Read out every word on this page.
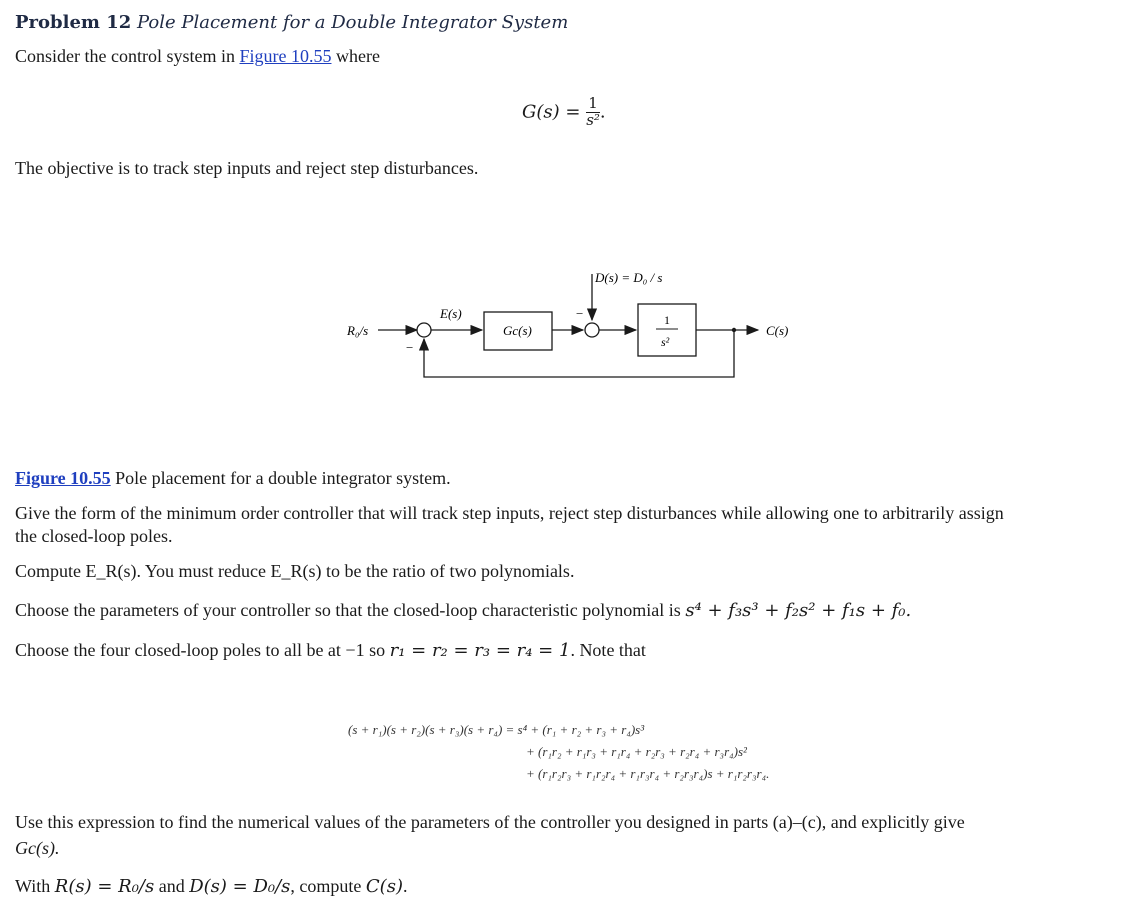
Problem 12 Pole Placement for a Double Integrator System
Consider the control system in Figure 10.55 where
$G(s) = \frac{1}{\text{s²}}$ .
The objective is to track step inputs and reject step disturbances.
D(s) = D₀ / s
R₀/s
−
E(s)
Gc(s)
−	1
s²
C(s)
Figure 10.55 Pole placement for a double integrator system.
Give the form of the minimum order controller that will track step inputs, reject step disturbances while allowing one to arbitrarily assign
the closed-loop poles.
Compute E_R(s). You must reduce E_R(s) to be the ratio of two polynomials.
Choose the parameters of your controller so that the closed-loop characteristic polynomial is s⁴ + f₃s³ + f₂s² + f₁s + f₀.
Choose the four closed-loop poles to all be at −1 so r₁ = r₂ = r₃ = r₄ = 1. Note that
(s + r₁)(s + r₂)(s + r₃)(s + r₄) = s⁴ + (r₁ + r₂ + r₃ + r₄)s³
+ (r₁r₂ + r₁r₃ + r₁r₄ + r₂r₃ + r₂r₄ + r₃r₄)s²
+ (r₁r₂r₃ + r₁r₂r₄ + r₁r₃r₄ + r₂r₃r₄)s + r₁r₂r₃r₄.
Use this expression to find the numerical values of the parameters of the controller you designed in parts (a)–(c), and explicitly give
Gc(s).
With R(s) = R₀/s and D(s) = D₀/s, compute C(s).
